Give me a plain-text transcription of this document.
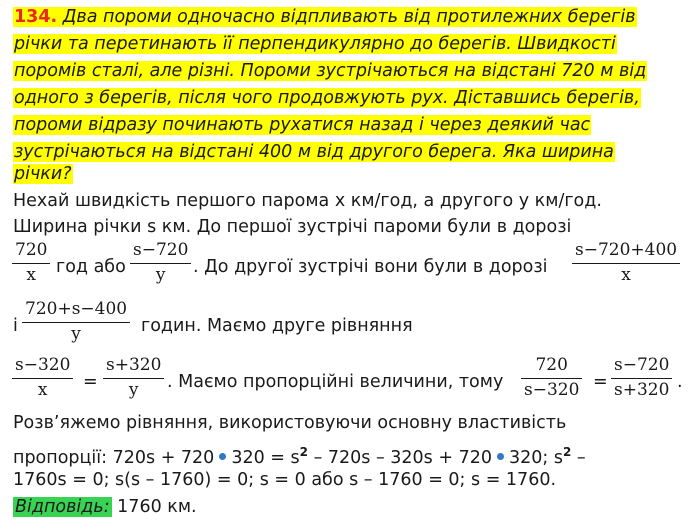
134. Два пороми одночасно відпливають від протилежних берегів
річки та перетинають її перпендикулярно до берегів. Швидкості
поромів сталі, але різні. Пороми зустрічаються на відстані 720 м від
одного з берегів, після чого продовжують рух. Діставшись берегів,
пороми відразу починають рухатися назад і через деякий час
зустрічаються на відстані 400 м від другого берега. Яка ширина
річки?
Нехай швидкість першого парома x км/год, а другого y км/год.
Ширина річки s км. До першої зустрічі пароми були в дорозі
720
x год або
s−720
y . До другої зустрічі вони були в дорозі
s−720+400
x
і
720+s−400
y	годин. Маємо друге рівняння
s−320
x =
s+320
y . Маємо пропорційні величини, тому
720
s−320 =
s−720
s+320 .
Розв’яжемо рівняння, використовуючи основну властивість
пропорції: 720s + 720 $320 = s^2 - 720s - 320s + 720$ 320; $s^2$ –
1760s = 0; s(s – 1760) = 0; s = 0 або s – 1760 = 0; s = 1760.
Відповідь: 1760 км.
